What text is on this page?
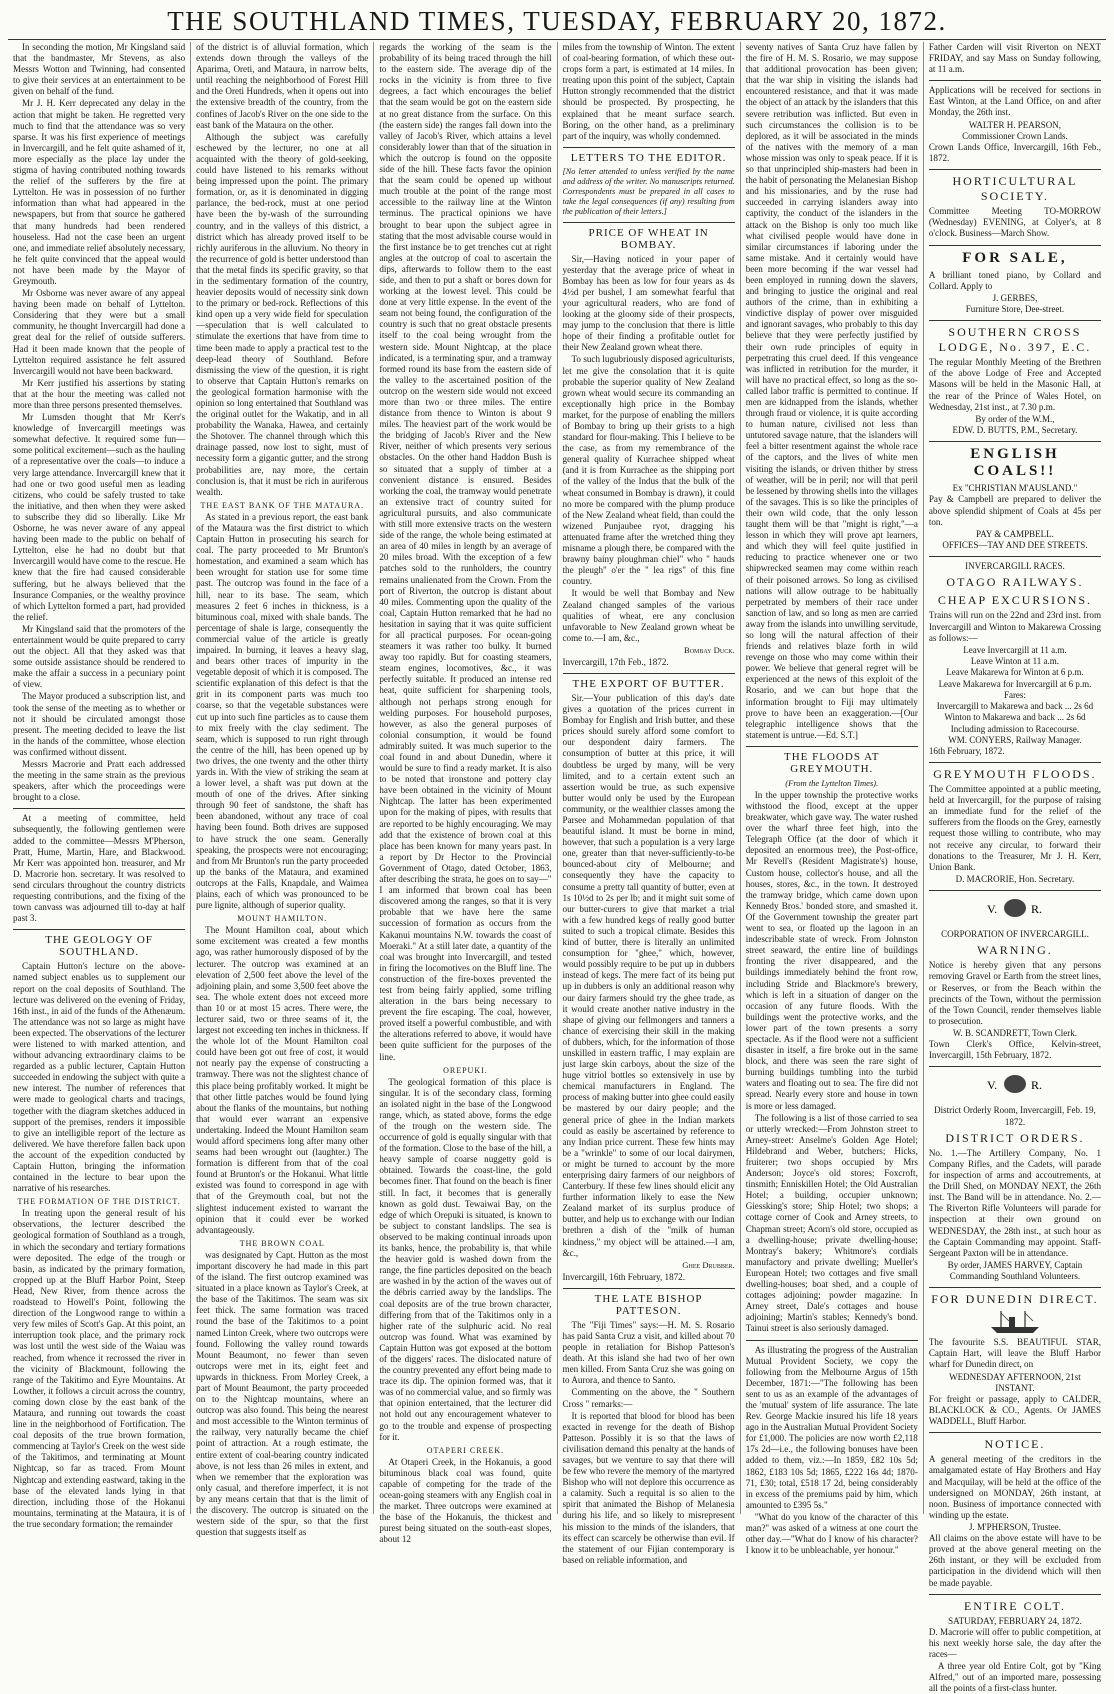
THE SOUTHLAND TIMES, TUESDAY, FEBRUARY 20, 1872.

In seconding the motion, Mr Kingsland said that the bandmaster, Mr Stevens, as also Messrs Wotton and Twinning, had consented to give their services at an entertainment to be given on behalf of the fund.

Mr J. H. Kerr deprecated any delay in the action that might be taken. He regretted very much to find that the attendance was so very sparse. It was his first experience of meetings in Invercargill, and he felt quite ashamed of it, more especially as the place lay under the stigma of having contributed nothing towards the relief of the sufferers by the fire at Lyttelton. He was in possession of no further information than what had appeared in the newspapers, but from that source he gathered that many hundreds had been rendered houseless. Had not the case been an urgent one, and immediate relief absolutely necessary, he felt quite convinced that the appeal would not have been made by the Mayor of Greymouth.

Mr Osborne was never aware of any appeal having been made on behalf of Lyttelton. Considering that they were but a small community, he thought Invercargill had done a great deal for the relief of outside sufferers. Had it been made known that the people of Lyttelton required assistance he felt assured Invercargill would not have been backward.

Mr Kerr justified his assertions by stating that at the hour the meeting was called not more than three persons presented themselves.

Mr Lumsden thought that Mr Kerr's knowledge of Invercargill meetings was somewhat defective. It required some fun—some political excitement—such as the hauling of a representative over the coals—to induce a very large attendance. Invercargill knew that it had one or two good useful men as leading citizens, who could be safely trusted to take the initiative, and then when they were asked to subscribe they did so liberally. Like Mr Osborne, he was never aware of any appeal having been made to the public on behalf of Lyttelton, else he had no doubt but that Invercargill would have come to the rescue. He knew that the fire had caused considerable suffering, but he always believed that the Insurance Companies, or the wealthy province of which Lyttelton formed a part, had provided the relief.

Mr Kingsland said that the promoters of the entertainment would be quite prepared to carry out the object. All that they asked was that some outside assistance should be rendered to make the affair a success in a pecuniary point of view.

The Mayor produced a subscription list, and took the sense of the meeting as to whether or not it should be circulated amongst those present. The meeting decided to leave the list in the hands of the committee, whose election was confirmed without dissent.

Messrs Macrorie and Pratt each addressed the meeting in the same strain as the previous speakers, after which the proceedings were brought to a close.

At a meeting of committee, held subsequently, the following gentlemen were added to the committee—Messrs M'Pherson, Pratt, Hume, Martin, Hare, and Blackwood. Mr Kerr was appointed hon. treasurer, and Mr D. Macrorie hon. secretary. It was resolved to send circulars throughout the country districts requesting contributions, and the fixing of the town canvass was adjourned till to-day at half past 3.

THE GEOLOGY OF SOUTHLAND.

Captain Hutton's lecture on the above-named subject enables us to supplement our report on the coal deposits of Southland. The lecture was delivered on the evening of Friday, 16th inst., in aid of the funds of the Athenæum. The attendance was not so large as might have been expected. The observations of the lecturer were listened to with marked attention, and without advancing extraordinary claims to be regarded as a public lecturer, Captain Hutton succeeded in endowing the subject with quite a new interest. The number of references that were made to geological charts and tracings, together with the diagram sketches adduced in support of the premises, renders it impossible to give an intelligible report of the lecture as delivered. We have therefore fallen back upon the account of the expedition conducted by Captain Hutton, bringing the information contained in the lecture to bear upon the narrative of his researches.

THE FORMATION OF THE DISTRICT.

In treating upon the general result of his observations, the lecturer described the geological formation of Southland as a trough, in which the secondary and tertiary formations were deposited. The edge of the trough or basin, as indicated by the primary formation, cropped up at the Bluff Harbor Point, Steep Head, New River, from thence across the roadstead to Howell's Point, following the direction of the Longwood range to within a very few miles of Scott's Gap. At this point, an interruption took place, and the primary rock was lost until the west side of the Waiau was reached, from whence it recrossed the river in the vicinity of Blackmount, following the range of the Takitimo and Eyre Mountains. At Lowther, it follows a circuit across the country, coming down close by the east bank of the Mataura, and running out towards the coast line in the neighborhood of Fortification. The coal deposits of the true brown formation, commencing at Taylor's Creek on the west side of the Takitimos, and terminating at Mount Nightcap, so far as traced. From Mount Nightcap and extending eastward, taking in the base of the elevated lands lying in that direction, including those of the Hokanui mountains, terminating at the Mataura, it is of the true secondary formation; the remainder

of the district is of alluvial formation, which extends down through the valleys of the Aparima, Oreti, and Mataura, in narrow belts, until reaching the neighborhood of Forest Hill and the Oreti Hundreds, when it opens out into the extensive breadth of the country, from the confines of Jacob's River on the one side to the east bank of the Mataura on the other.

Although the subject was carefully eschewed by the lecturer, no one at all acquainted with the theory of gold-seeking, could have listened to his remarks without being impressed upon the point. The primary formation, or, as it is denominated in digging parlance, the bed-rock, must at one period have been the by-wash of the surrounding country, and in the valleys of this district, a district which has already proved itself to be richly auriferous in the alluvium. No theory in the recurrence of gold is better understood than that the metal finds its specific gravity, so that in the sedimentary formation of the country, heavier deposits would of necessity sink down to the primary or bed-rock. Reflections of this kind open up a very wide field for speculation—speculation that is well calculated to stimulate the exertions that have from time to time been made to apply a practical test to the deep-lead theory of Southland. Before dismissing the view of the question, it is right to observe that Captain Hutton's remarks on the geological formation harmonise with the opinion so long entertained that Southland was the original outlet for the Wakatip, and in all probability the Wanaka, Hawea, and certainly the Shotover. The channel through which this drainage passed, now lost to sight, must of necessity form a gigantic gutter, and the strong probabilities are, nay more, the certain conclusion is, that it must be rich in auriferous wealth.

THE EAST BANK OF THE MATAURA.

As stated in a previous report, the east bank of the Mataura was the first district to which Captain Hutton in prosecuting his search for coal. The party proceeded to Mr Brunton's homestation, and examined a seam which has been wrought for station use for some time past. The outcrop was found in the face of a hill, near to its base. The seam, which measures 2 feet 6 inches in thickness, is a bituminous coal, mixed with shale bands. The percentage of shale is large, consequently the commercial value of the article is greatly impaired. In burning, it leaves a heavy slag, and bears other traces of impurity in the vegetable deposit of which it is composed. The scientific explanation of this defect is that the grit in its component parts was much too coarse, so that the vegetable substances were cut up into such fine particles as to cause them to mix freely with the clay sediment. The seam, which is supposed to run right through the centre of the hill, has been opened up by two drives, the one twenty and the other thirty yards in. With the view of striking the seam at a lower level, a shaft was put down at the mouth of one of the drives. After sinking through 90 feet of sandstone, the shaft has been abandoned, without any trace of coal having been found. Both drives are supposed to have struck the one seam. Generally speaking, the prospects were not encouraging; and from Mr Brunton's run the party proceeded up the banks of the Mataura, and examined outcrops at the Falls, Knapdale, and Waimea plains, each of which was pronounced to be pure lignite, although of superior quality.

MOUNT HAMILTON.

The Mount Hamilton coal, about which some excitement was created a few months ago, was rather humorously disposed of by the lecturer. The outcrop was examined at an elevation of 2,500 feet above the level of the adjoining plain, and some 3,500 feet above the sea. The whole extent does not exceed more than 10 or at most 15 acres. There were, the lecturer said, two or three seams of it, the largest not exceeding ten inches in thickness. If the whole lot of the Mount Hamilton coal could have been got out free of cost, it would not nearly pay the expense of constructing a tramway. There was not the slightest chance of this place being profitably worked. It might be that other little patches would be found lying about the flanks of the mountains, but nothing that would ever warrant an expensive undertaking. Indeed the Mount Hamilton seam would afford specimens long after many other seams had been wrought out (laughter.) The formation is different from that of the coal found at Brunton's or the Hokanui. What little existed was found to correspond in age with that of the Greymouth coal, but not the slightest inducement existed to warrant the opinion that it could ever be worked advantageously.

THE BROWN COAL

was designated by Capt. Hutton as the most important discovery he had made in this part of the island. The first outcrop examined was situated in a place known as Taylor's Creek, at the base of the Takitimos. The seam was six feet thick. The same formation was traced round the base of the Takitimos to a point named Linton Creek, where two outcrops were found. Following the valley round towards Mount Beaumont, no fewer than seven outcrops were met in its, eight feet and upwards in thickness. From Morley Creek, a part of Mount Beaumont, the party proceeded on to the Nightcap mountains, where an outcrop was also found. This being the nearest and most accessible to the Winton terminus of the railway, very naturally became the chief point of attraction. At a rough estimate, the entire extent of coal-bearing country indicated above, is not less than 26 miles in extent, and when we remember that the exploration was only casual, and therefore imperfect, it is not by any means certain that that is the limit of the discovery. The outcrop is situated on the western side of the spur, so that the first question that suggests itself as

regards the working of the seam is the probability of its being traced through the hill to the eastern side. The average dip of the rocks in the vicinity is from three to five degrees, a fact which encourages the belief that the seam would be got on the eastern side at no great distance from the surface. On this (the eastern side) the ranges fall down into the valley of Jacob's River, which attains a level considerably lower than that of the situation in which the outcrop is found on the opposite side of the hill. These facts favor the opinion that the seam could be opened up without much trouble at the point of the range most accessible to the railway line at the Winton terminus. The practical opinions we have brought to bear upon the subject agree in stating that the most advisable course would in the first instance be to get trenches cut at right angles at the outcrop of coal to ascertain the dips, afterwards to follow them to the east side, and then to put a shaft or bores down for working at the lowest level. This could be done at very little expense. In the event of the seam not being found, the configuration of the country is such that no great obstacle presents itself to the coal being wrought from the western side. Mount Nightcap, at the place indicated, is a terminating spur, and a tramway formed round its base from the eastern side of the valley to the ascertained position of the outcrop on the western side would not exceed more than two or three miles. The entire distance from thence to Winton is about 9 miles. The heaviest part of the work would be the bridging of Jacob's River and the New River, neither of which presents very serious obstacles. On the other hand Haddon Bush is so situated that a supply of timber at a convenient distance is ensured. Besides working the coal, the tramway would penetrate an extensive tract of country suited for agricultural pursuits, and also communicate with still more extensive tracts on the western side of the range, the whole being estimated at an area of 40 miles in length by an average of 20 miles broad. With the exception of a few patches sold to the runholders, the country remains unalienated from the Crown. From the port of Riverton, the outcrop is distant about 40 miles. Commenting upon the quality of the coal, Captain Hutton remarked that he had no hesitation in saying that it was quite sufficient for all practical purposes. For ocean-going steamers it was rather too bulky. It burned away too rapidly. But for coasting steamers, steam engines, locomotives, &c., it was perfectly suitable. It produced an intense red heat, quite sufficient for sharpening tools, although not perhaps strong enough for welding purposes. For household purposes, however, as also the general purposes of colonial consumption, it would be found admirably suited. It was much superior to the coal found in and about Dunedin, where it would be sure to find a ready market. It is also to be noted that ironstone and pottery clay have been obtained in the vicinity of Mount Nightcap. The latter has been experimented upon for the making of pipes, with results that are reported to be highly encouraging. We may add that the existence of brown coal at this place has been known for many years past. In a report by Dr Hector to the Provincial Government of Otago, dated October, 1863, after describing the strata, he goes on to say—" I am informed that brown coal has been discovered among the ranges, so that it is very probable that we have here the same succession of formation as occurs from the Kakanui mountains N.W. towards the coast of Moeraki." At a still later date, a quantity of the coal was brought into Invercargill, and tested in firing the locomotives on the Bluff line. The construction of the fire-boxes prevented the test from being fairly applied, some trifling alteration in the bars being necessary to prevent the fire escaping. The coal, however, proved itself a powerful combustible, and with the alterations referred to above, it would have been quite sufficient for the purposes of the line.

OREPUKI.

The geological formation of this place is singular. It is of the secondary class, forming an isolated night in the base of the Longwood range, which, as stated above, forms the edge of the trough on the western side. The occurrence of gold is equally singular with that of the formation. Close to the base of the hill, a heavy sample of coarse nuggetty gold is obtained. Towards the coast-line, the gold becomes finer. That found on the beach is finer still. In fact, it becomes that is generally known as gold dust. Tewaiwai Bay, on the edge of which Orepuki is situated, is known to be subject to constant landslips. The sea is observed to be making continual inroads upon its banks, hence, the probability is, that while the heavier gold is washed down from the range, the fine particles deposited on the beach are washed in by the action of the waves out of the débris carried away by the landslips. The coal deposits are of the true brown character, differing from that of the Takitimos only in a higher rate of the sulphuric acid. No real outcrop was found. What was examined by Captain Hutton was got exposed at the bottom of the diggers' races. The dislocated nature of the country prevented any effort being made to trace its dip. The opinion formed was, that it was of no commercial value, and so firmly was that opinion entertained, that the lecturer did not hold out any encouragement whatever to go to the trouble and expense of prospecting for it.

OTAPERI CREEK.

At Otaperi Creek, in the Hokanuis, a good bituminous black coal was found, quite capable of competing for the trade of the ocean-going steamers with any English coal in the market. Three outcrops were examined at the base of the Hokanuis, the thickest and purest being situated on the south-east slopes, about 12

miles from the township of Winton. The extent of coal-bearing formation, of which these out-crops form a part, is estimated at 14 miles. In treating upon this point of the subject, Captain Hutton strongly recommended that the district should be prospected. By prospecting, he explained that he meant surface search. Boring, on the other hand, as a preliminary part of the inquiry, was wholly condemned.

LETTERS TO THE EDITOR.
[No letter attended to unless verified by the name and address of the writer. No manuscripts returned. Correspondents must be prepared in all cases to take the legal consequences (if any) resulting from the publication of their letters.]
PRICE OF WHEAT IN BOMBAY.

Sir,—Having noticed in your paper of yesterday that the average price of wheat in Bombay has been as low for four years as 4s 4½d per bushel, I am somewhat fearful that your agricultural readers, who are fond of looking at the gloomy side of their prospects, may jump to the conclusion that there is little hope of their finding a profitable outlet for their New Zealand grown wheat there.

To such lugubriously disposed agriculturists, let me give the consolation that it is quite probable the superior quality of New Zealand grown wheat would secure its commanding an exceptionally high price in the Bombay market, for the purpose of enabling the millers of Bombay to bring up their grists to a high standard for flour-making. This I believe to be the case, as from my remembrance of the general quality of Kurrachee shipped wheat (and it is from Kurrachee as the shipping port of the valley of the Indus that the bulk of the wheat consumed in Bombay is drawn), it could no more be compared with the plump produce of the New Zealand wheat field, than could the wizened Punjaubee ryot, dragging his attenuated frame after the wretched thing they misname a plough there, be compared with the brawny bainy ploughman chiel" who " hauds the pleugh" o'er the " lea rigs" of this fine country.

It would be well that Bombay and New Zealand changed samples of the various qualities of wheat, ere any conclusion unfavorable to New Zealand grown wheat be come to.—I am, &c.,

Bombay Duck.

Invercargill, 17th Feb., 1872.

THE EXPORT OF BUTTER.

Sir.—Your publication of this day's date gives a quotation of the prices current in Bombay for English and Irish butter, and these prices should surely afford some comfort to our despondent dairy farmers. The consumption of butter at this price, it will doubtless be urged by many, will be very limited, and to a certain extent such an assertion would be true, as such expensive butter would only be used by the European community, or the wealthier classes among the Parsee and Mohammedan population of that beautiful island. It must be borne in mind, however, that such a population is a very large one, greater than that never-sufficiently-to-be bounced-about city of Melbourne; and consequently they have the capacity to consume a pretty tall quantity of butter, even at 1s 10½d to 2s per lb; and it might suit some of our butter-curers to give that market a trial with a few hundred kegs of really good butter suited to such a tropical climate. Besides this kind of butter, there is literally an unlimited consumption for "ghee," which, however, would possibly require to be put up in dubbers instead of kegs. The mere fact of its being put up in dubbers is only an additional reason why our dairy farmers should try the ghee trade, as it would create another native industry in the shape of giving our fellmongers and tanners a chance of exercising their skill in the making of dubbers, which, for the information of those unskilled in eastern traffic, I may explain are just large skin carboys, about the size of the huge vitriol bottles so extensively in use by chemical manufacturers in England. The process of making butter into ghee could easily be mastered by our dairy people; and the general price of ghee in the Indian markets could as easily be ascertained by reference to any Indian price current. These few hints may be a "wrinkle" to some of our local dairymen, or might be turned to account by the more enterprising dairy farmers of our neighbors of Canterbury. If these few lines should elicit any further information likely to ease the New Zealand market of its surplus produce of butter, and help us to exchange with our Indian brethren a dish of the "milk of human kindness," my object will be attained.—I am, &c.,

Ghee Drubber.

Invercargill, 16th February, 1872.

THE LATE BISHOP PATTESON.

The "Fiji Times" says:—H. M. S. Rosario has paid Santa Cruz a visit, and killed about 70 people in retaliation for Bishop Patteson's death. At this island she had two of her own men killed. From Santa Cruz she was going on to Aurora, and thence to Santo.

Commenting on the above, the " Southern Cross " remarks:—

It is reported that blood for blood has been exacted in revenge for the death of Bishop Patteson. Possibly it is so that the laws of civilisation demand this penalty at the hands of savages, but we venture to say that there will be few who revere the memory of the martyred Bishop who will not deplore this occurrence as a calamity. Such a requital is so alien to the spirit that animated the Bishop of Melanesia during his life, and so likely to misrepresent his mission to the minds of the islanders, that its effect can scarcely be otherwise than evil. If the statement of our Fijian contemporary is based on reliable information, and

seventy natives of Santa Cruz have fallen by the fire of H. M. S. Rosario, we may suppose that additional provocation has been given; that the war ship in visiting the islands had encountered resistance, and that it was made the object of an attack by the islanders that this severe retribution was inflicted. But even in such circumstances the collision is to be deplored, as it will be associated in the minds of the natives with the memory of a man whose mission was only to speak peace. If it is so that unprincipled ship-masters had been in the habit of personating the Melanesian Bishop and his missionaries, and by the ruse had succeeded in carrying islanders away into captivity, the conduct of the islanders in the attack on the Bishop is only too much like what civilised people would have done in similar circumstances if laboring under the same mistake. And it certainly would have been more becoming if the war vessel had been employed in running down the slavers, and bringing to justice the original and real authors of the crime, than in exhibiting a vindictive display of power over misguided and ignorant savages, who probably to this day believe that they were perfectly justified by their own rude principles of equity in perpetrating this cruel deed. If this vengeance was inflicted in retribution for the murder, it will have no practical effect, so long as the so-called labor traffic is permitted to continue. If men are kidnapped from the islands, whether through fraud or violence, it is quite according to human nature, civilised not less than untutored savage nature, that the islanders will feel a bitter resentment against the whole race of the captors, and the lives of white men visiting the islands, or driven thither by stress of weather, will be in peril; nor will that peril be lessened by throwing shells into the villages of the savages. This is so like the principles of their own wild code, that the only lesson taught them will be that "might is right,"—a lesson in which they will prove apt learners, and which they will feel quite justified in reducing to practice whenever one or two shipwrecked seamen may come within reach of their poisoned arrows. So long as civilised nations will allow outrage to be habitually perpetrated by members of their race under sanction of law, and so long as men are carried away from the islands into unwilling servitude, so long will the natural affection of their friends and relatives blaze forth in wild revenge on those who may come within their power. We believe that general regret will be experienced at the news of this exploit of the Rosario, and we can but hope that the information brought to Fiji may ultimately prove to have been an exaggeration.—[Our telegraphic intelligence shows that the statement is untrue.—Ed. S.T.]

THE FLOODS AT GREYMOUTH.
(From the Lyttelton Times).

In the upper township the protective works withstood the flood, except at the upper breakwater, which gave way. The water rushed over the wharf three feet high, into the Telegraph Office (at the door of which it deposited an enormous tree), the Post-office, Mr Revell's (Resident Magistrate's) house, Custom house, collector's house, and all the houses, stores, &c., in the town. It destroyed the tramway bridge, which came down upon Kennedy Bros.' bonded store, and smashed it. Of the Government township the greater part went to sea, or floated up the lagoon in an indescribable state of wreck. From Johnston street seaward, the entire line of buildings fronting the river disappeared, and the buildings immediately behind the front row, including Stride and Blackmore's brewery, which is left in a situation of danger on the occasion of any future floods. With the buildings went the protective works, and the lower part of the town presents a sorry spectacle. As if the flood were not a sufficient disaster in itself, a fire broke out in the same block, and there was seen the rare sight of burning buildings tumbling into the turbid waters and floating out to sea. The fire did not spread. Nearly every store and house in town is more or less damaged.

The following is a list of those carried to sea or utterly wrecked:—From Johnston street to Arney-street: Anselme's Golden Age Hotel; Hildebrand and Weber, butchers; Hicks, fruiterer; two shops occupied by Mrs Anderson; Joyce's old stores; Foxcroft, tinsmith; Enniskillen Hotel; the Old Australian Hotel; a building, occupier unknown; Giessking's store; Ship Hotel; two shops; a cottage corner of Cook and Arney streets, to Chapman street; Acorn's old store, occupied as a dwelling-house; private dwelling-house; Montray's bakery; Whitmore's cordials manufactory and private dwelling; Mueller's European Hotel; two cottages and five small dwelling-houses; boat shed, and a couple of cottages adjoining; powder magazine. In Arney street, Dale's cottages and house adjoining; Martin's stables; Kennedy's bond. Tainui street is also seriously damaged.

As illustrating the progress of the Australian Mutual Provident Society, we copy the following from the Melbourne Argus of 15th December, 1871:—"The following has been sent to us as an example of the advantages of the 'mutual' system of life assurance. The late Rev. George Mackie insured his life 18 years ago in the Australian Mutual Provident Society for £1,000. The policies are now worth £2,118 17s 2d—i.e., the following bonuses have been added to them, viz.:—In 1859, £82 10s 5d; 1862, £183 10s 5d; 1865, £222 16s 4d; 1870-71, £30; total, £518 17 2d, being considerably in excess of the premiums paid by him, which amounted to £395 5s."

"What do you know of the character of this man?" was asked of a witness at one court the other day.—"What do I know of his character? I know it to be unbleachable, yer honour."

Father Carden will visit Riverton on NEXT FRIDAY, and say Mass on Sunday following, at 11 a.m.

Applications will be received for sections in East Winton, at the Land Office, on and after Monday, the 26th inst.

WALTER H. PEARSON,
Commissioner Crown Lands.

Crown Lands Office, Invercargill, 16th Feb., 1872.

HORTICULTURAL SOCIETY.

Committee Meeting TO-MORROW (Wednesday) EVENING, at Colyer's, at 8 o'clock. Business—March Show.

FOR SALE,

A brilliant toned piano, by Collard and Collard. Apply to

J. GERBES,
Furniture Store, Dee-street.
SOUTHERN CROSS LODGE, No. 397, E.C.

The regular Monthly Meeting of the Brethren of the above Lodge of Free and Accepted Masons will be held in the Masonic Hall, at the rear of the Prince of Wales Hotel, on Wednesday, 21st inst., at 7.30 p.m.

By order of the W.M.,
EDW. D. BUTTS, P.M., Secretary.
ENGLISH COALS!!
Ex "CHRISTIAN M'AUSLAND."

Pay & Campbell are prepared to deliver the above splendid shipment of Coals at 45s per ton.

PAY & CAMPBELL.
OFFICES—TAY AND DEE STREETS.
INVERCARGILL RACES.
OTAGO RAILWAYS.
CHEAP EXCURSIONS.

Trains will run on the 22nd and 23rd inst. from Invercargill and Winton to Makarewa Crossing as follows:—

Leave Invercargill at 11 a.m.
Leave Winton at 11 a.m.
Leave Makarewa for Winton at 6 p.m.
Leave Makarewa for Invercargill at 6 p.m.
Fares:
Invercargill to Makarewa and back ... 2s 6d
Winton to Makarewa and back ... 2s 6d
Including admission to Racecourse.
WM. CONYERS, Railway Manager.

16th February, 1872.

GREYMOUTH FLOODS.

The Committee appointed at a public meeting, held at Invercargill, for the purpose of raising an immediate fund for the relief of the sufferers from the floods on the Grey, earnestly request those willing to contribute, who may not receive any circular, to forward their donations to the Treasurer, Mr J. H. Kerr, Union Bank.

D. MACRORIE, Hon. Secretary.
V.	R.
CORPORATION OF INVERCARGILL.
WARNING.

Notice is hereby given that any persons removing Gravel or Earth from the street lines, or Reserves, or from the Beach within the precincts of the Town, without the permission of the Town Council, render themselves liable to prosecution.

W. B. SCANDRETT, Town Clerk.

Town Clerk's Office, Kelvin-street, Invercargill, 15th February, 1872.

V.	R.
District Orderly Room, Invercargill, Feb. 19, 1872.
DISTRICT ORDERS.

No. 1.—The Artillery Company, No. 1 Company Rifles, and the Cadets, will parade for inspection of arms and accoutrements, at the Drill Shed, on MONDAY NEXT, the 26th inst. The Band will be in attendance. No. 2.—The Riverton Rifle Volunteers will parade for inspection at their own ground on WEDNESDAY, the 28th inst., at such hour as the Captain Commanding may appoint. Staff-Sergeant Paxton will be in attendance.

By order, JAMES HARVEY, Captain Commanding Southland Volunteers.
FOR DUNEDIN DIRECT.

The favourite S.S. BEAUTIFUL STAR, Captain Hart, will leave the Bluff Harbor wharf for Dunedin direct, on

WEDNESDAY AFTERNOON, 21st INSTANT.

For freight or passage, apply to CALDER, BLACKLOCK & CO., Agents. Or JAMES WADDELL, Bluff Harbor.

NOTICE.

A general meeting of the creditors in the amalgamated estate of Hay Brothers and Hay and Macquilay, will be held at the office of the undersigned on MONDAY, 26th instant, at noon. Business of importance connected with winding up the estate.

J. M'PHERSON, Trustee.

All claims on the above estate will have to be proved at the above general meeting on the 26th instant, or they will be excluded from participation in the dividend which will then be made payable.

ENTIRE COLT.
SATURDAY, FEBRUARY 24, 1872.

D. Macrorie will offer to public competition, at his next weekly horse sale, the day after the races—

A three year old Entire Colt, got by "King Alfred," out of an imported mare, possessing all the points of a first-class hunter.
